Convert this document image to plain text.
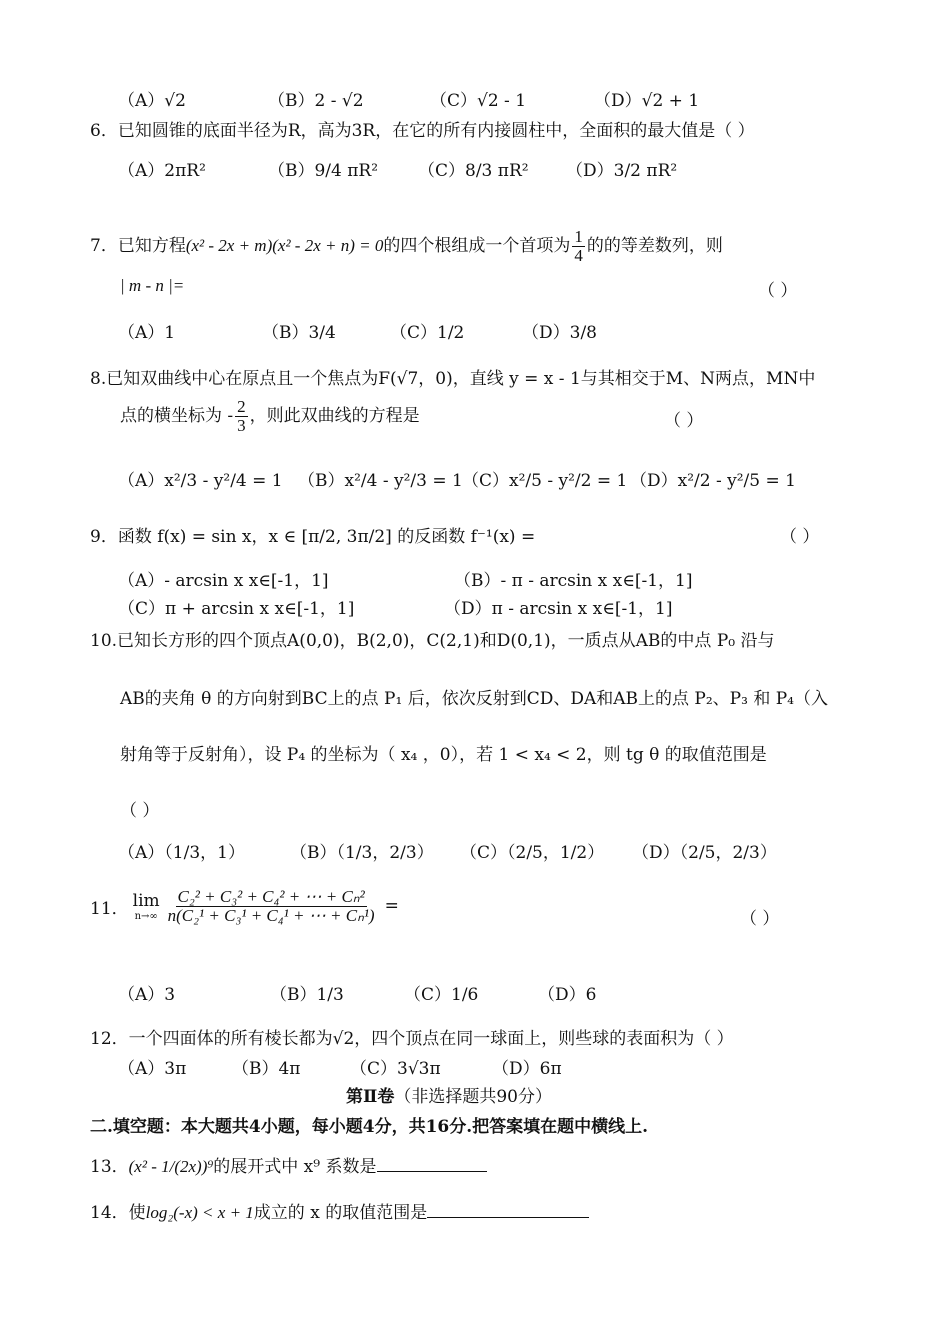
（A）√2	（B）2 - √2	（C）√2 - 1	（D）√2 + 1
6．已知圆锥的底面半径为R，高为3R，在它的所有内接圆柱中，全面积的最大值是（ ）
（A）2πR²	（B）9/4 πR² （C）8/3 πR² （D）3/2 πR²
7．已知方程(x² - 2x + m)(x² - 2x + n) = 0的四个根组成一个首项为 $\frac{1}{4}$ 的的等差数列，则
| m - n |=	（ ）
（A）1	（B）3/4	（C）1/2	（D）3/8
8.已知双曲线中心在原点且一个焦点为F(√7，0)，直线 y = x - 1与其相交于M、N两点，MN中
点的横坐标为 - $\frac{2}{3}$ ，则此双曲线的方程是	（ ）
（A）x²/3 - y²/4 = 1 （B）x²/4 - y²/3 = 1 （C）x²/5 - y²/2 = 1 （D）x²/2 - y²/5 = 1
9．函数 f(x) = sin x，x ∈ [π/2, 3π/2] 的反函数 f⁻¹(x) =	（ ）
（A）- arcsin x x∈[-1，1]	（B）- π - arcsin x x∈[-1，1]
（C）π + arcsin x x∈[-1，1]	（D）π - arcsin x x∈[-1，1]
10.已知长方形的四个顶点A(0,0)，B(2,0)，C(2,1)和D(0,1)，一质点从AB的中点 P₀ 沿与
AB的夹角 θ 的方向射到BC上的点 P₁ 后，依次反射到CD、DA和AB上的点 P₂、P₃ 和 P₄（入
射角等于反射角），设 P₄ 的坐标为（ x₄ ，0），若 1 < x₄ < 2，则 tg θ 的取值范围是
（ ）
（A）（1/3，1）	（B）（1/3，2/3） （C）（2/5，1/2） （D）（2/5，2/3）
11． lim
$n\to\infty \frac{\text{C₂² + C₃² + C₄² + ⋯ + Cₙ²}}{\text{n(C₂¹ + C₃¹ + C₄¹ + ⋯ + Cₙ¹)}}$ =
（ ）
（A）3	（B）1/3	（C）1/6	（D）6
12．一个四面体的所有棱长都为√2，四个顶点在同一球面上，则些球的表面积为（ ）
（A）3π	（B）4π	（C）3√3π	（D）6π
第Ⅱ卷（非选择题共90分）
二.填空题：本大题共4小题，每小题4分，共16分.把答案填在题中横线上.
13．(x² - 1/(2x))⁹的展开式中 x⁹ 系数是
14．使log₂(-x) < x + 1成立的 x 的取值范围是
